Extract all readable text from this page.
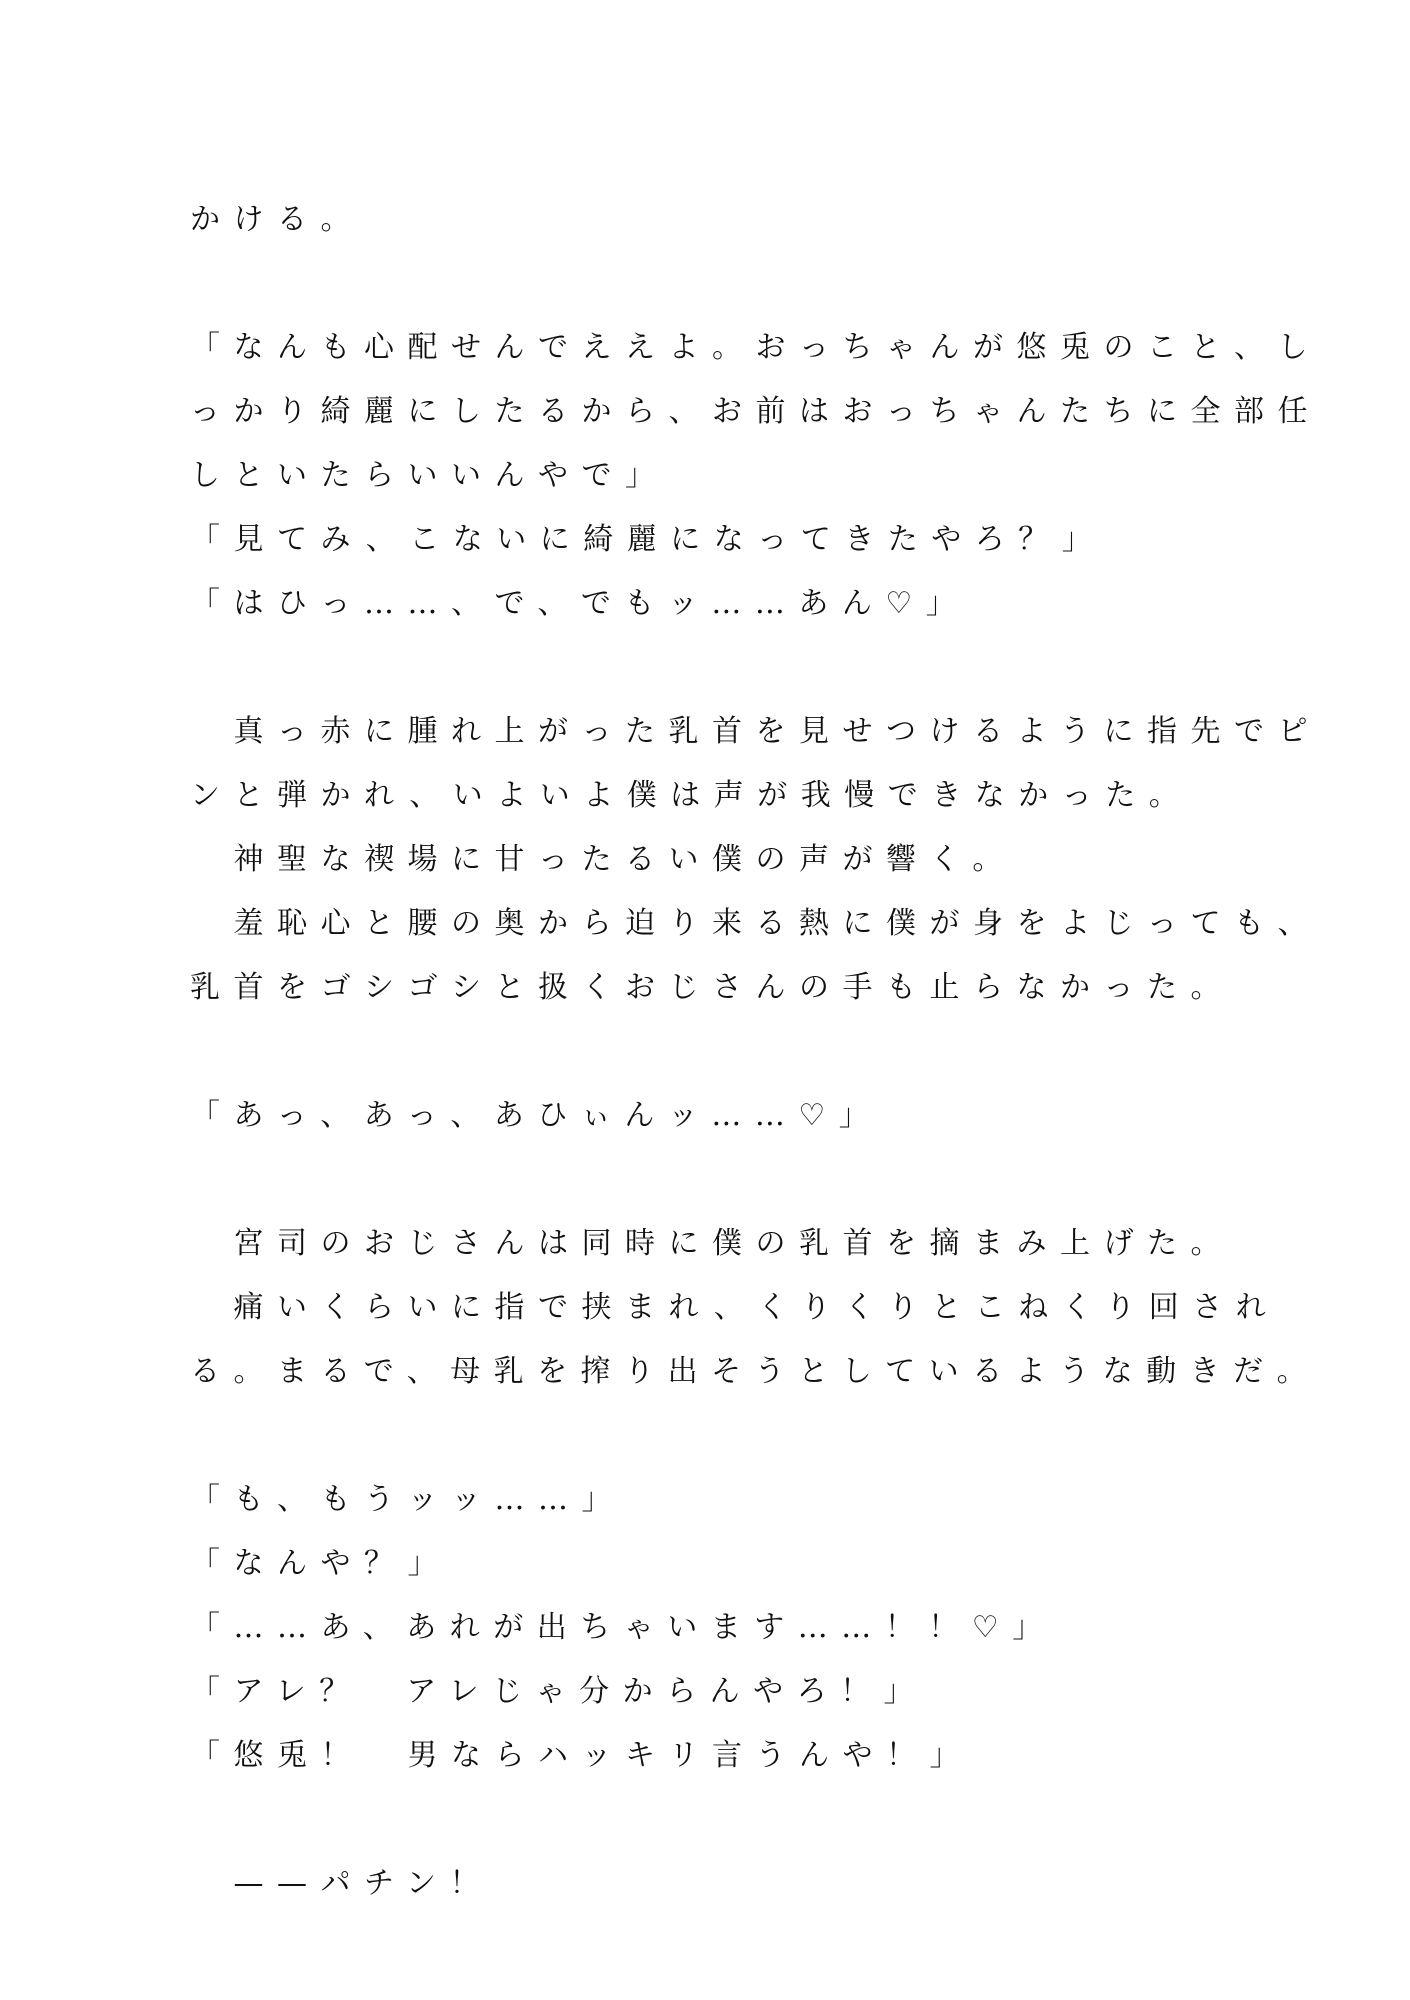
かける。
「なんも心配せんでええよ。おっちゃんが悠兎のこと、し
っかり綺麗にしたるから、お前はおっちゃんたちに全部任
しといたらいいんやで」
「見てみ、こないに綺麗になってきたやろ？」
「はひっ……、で、でもッ……あん♡」
　真っ赤に腫れ上がった乳首を見せつけるように指先でピ
ンと弾かれ、いよいよ僕は声が我慢できなかった。
　神聖な禊場に甘ったるい僕の声が響く。
　羞恥心と腰の奥から迫り来る熱に僕が身をよじっても、
乳首をゴシゴシと扱くおじさんの手も止らなかった。
「あっ、あっ、あひぃんッ……♡」
　宮司のおじさんは同時に僕の乳首を摘まみ上げた。
　痛いくらいに指で挟まれ、くりくりとこねくり回され
る。まるで、母乳を搾り出そうとしているような動きだ。
「も、もうッッ……」
「なんや？」
「……あ、あれが出ちゃいます……！！♡」
「アレ？　アレじゃ分からんやろ！」
「悠兎！　男ならハッキリ言うんや！」
　——パチン！
